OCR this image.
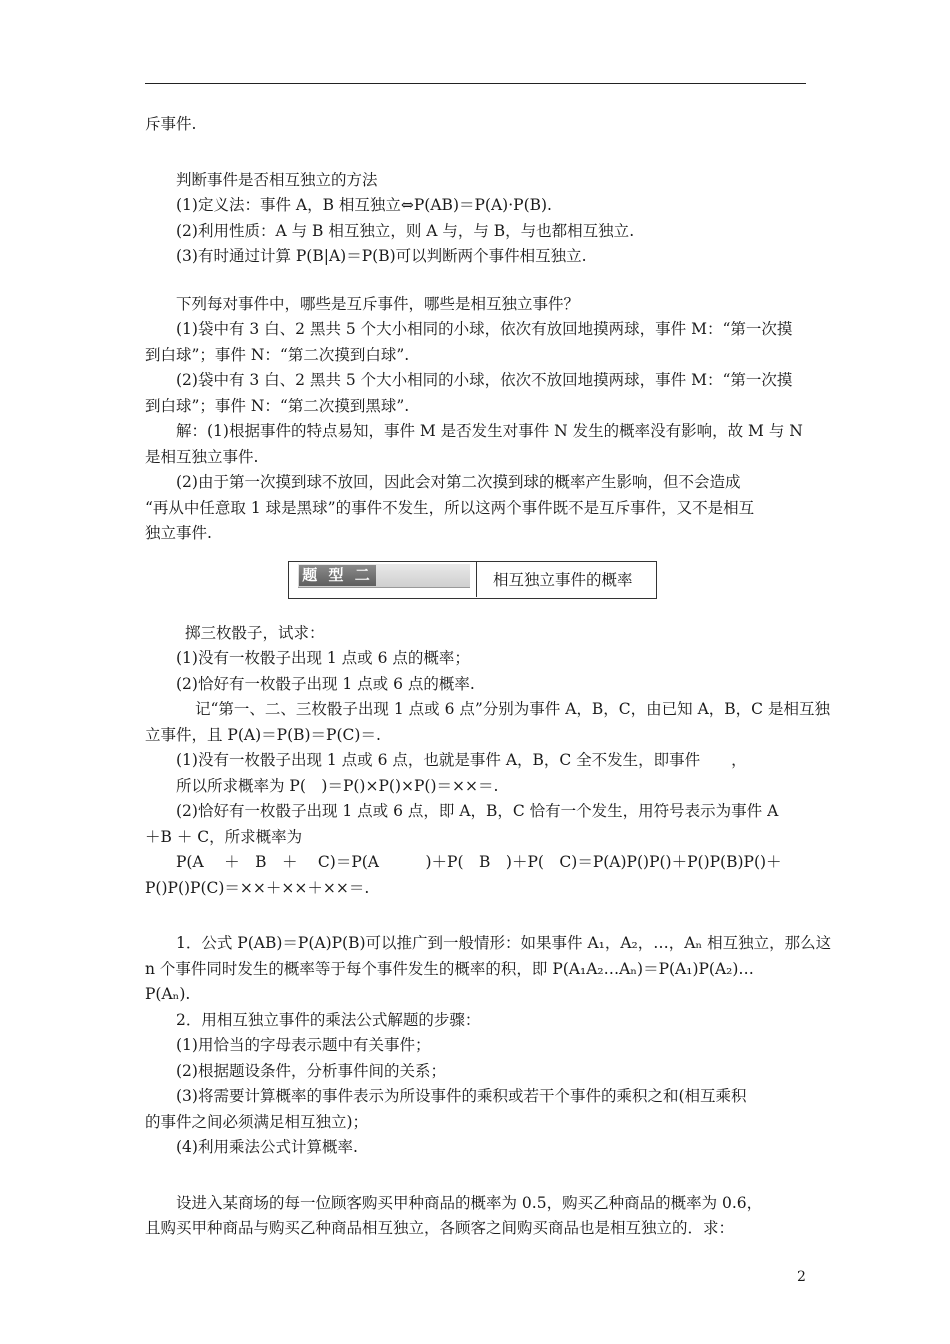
斥事件.
判断事件是否相互独立的方法
(1)定义法：事件 A，B 相互独立⇔P(AB)＝P(A)·P(B).
(2)利用性质：A 与 B 相互独立，则 A 与，与 B，与也都相互独立.
(3)有时通过计算 P(B|A)＝P(B)可以判断两个事件相互独立.
下列每对事件中，哪些是互斥事件，哪些是相互独立事件？
(1)袋中有 3 白、2 黑共 5 个大小相同的小球，依次有放回地摸两球，事件 M：“第一次摸
到白球”；事件 N：“第二次摸到白球”.
(2)袋中有 3 白、2 黑共 5 个大小相同的小球，依次不放回地摸两球，事件 M：“第一次摸
到白球”；事件 N：“第二次摸到黑球”.
解：(1)根据事件的特点易知，事件 M 是否发生对事件 N 发生的概率没有影响，故 M 与 N
是相互独立事件.
(2)由于第一次摸到球不放回，因此会对第二次摸到球的概率产生影响，但不会造成
“再从中任意取 1 球是黑球”的事件不发生，所以这两个事件既不是互斥事件，又不是相互
独立事件.
题 型 二	相互独立事件的概率
掷三枚骰子，试求：
(1)没有一枚骰子出现 1 点或 6 点的概率；
(2)恰好有一枚骰子出现 1 点或 6 点的概率.
记“第一、二、三枚骰子出现 1 点或 6 点”分别为事件 A，B，C，由已知 A，B，C 是相互独
立事件，且 P(A)＝P(B)＝P(C)＝.
(1)没有一枚骰子出现 1 点或 6 点，也就是事件 A，B，C 全不发生，即事件　　，
所以所求概率为 P(　)＝P()×P()×P()＝××＝.
(2)恰好有一枚骰子出现 1 点或 6 点，即 A，B，C 恰有一个发生，用符号表示为事件 A
＋B ＋ C，所求概率为
P(A　 ＋　B　＋　 C)＝P(A　　　)＋P(　B　)＋P(　C)＝P(A)P()P()＋P()P(B)P()＋
P()P()P(C)＝××＋××＋××＝.
1．公式 P(AB)＝P(A)P(B)可以推广到一般情形：如果事件 A₁，A₂，…，Aₙ 相互独立，那么这
n 个事件同时发生的概率等于每个事件发生的概率的积，即 P(A₁A₂…Aₙ)＝P(A₁)P(A₂)…
P(Aₙ).
2．用相互独立事件的乘法公式解题的步骤：
(1)用恰当的字母表示题中有关事件；
(2)根据题设条件，分析事件间的关系；
(3)将需要计算概率的事件表示为所设事件的乘积或若干个事件的乘积之和(相互乘积
的事件之间必须满足相互独立)；
(4)利用乘法公式计算概率.
设进入某商场的每一位顾客购买甲种商品的概率为 0.5，购买乙种商品的概率为 0.6，
且购买甲种商品与购买乙种商品相互独立，各顾客之间购买商品也是相互独立的．求：
2
